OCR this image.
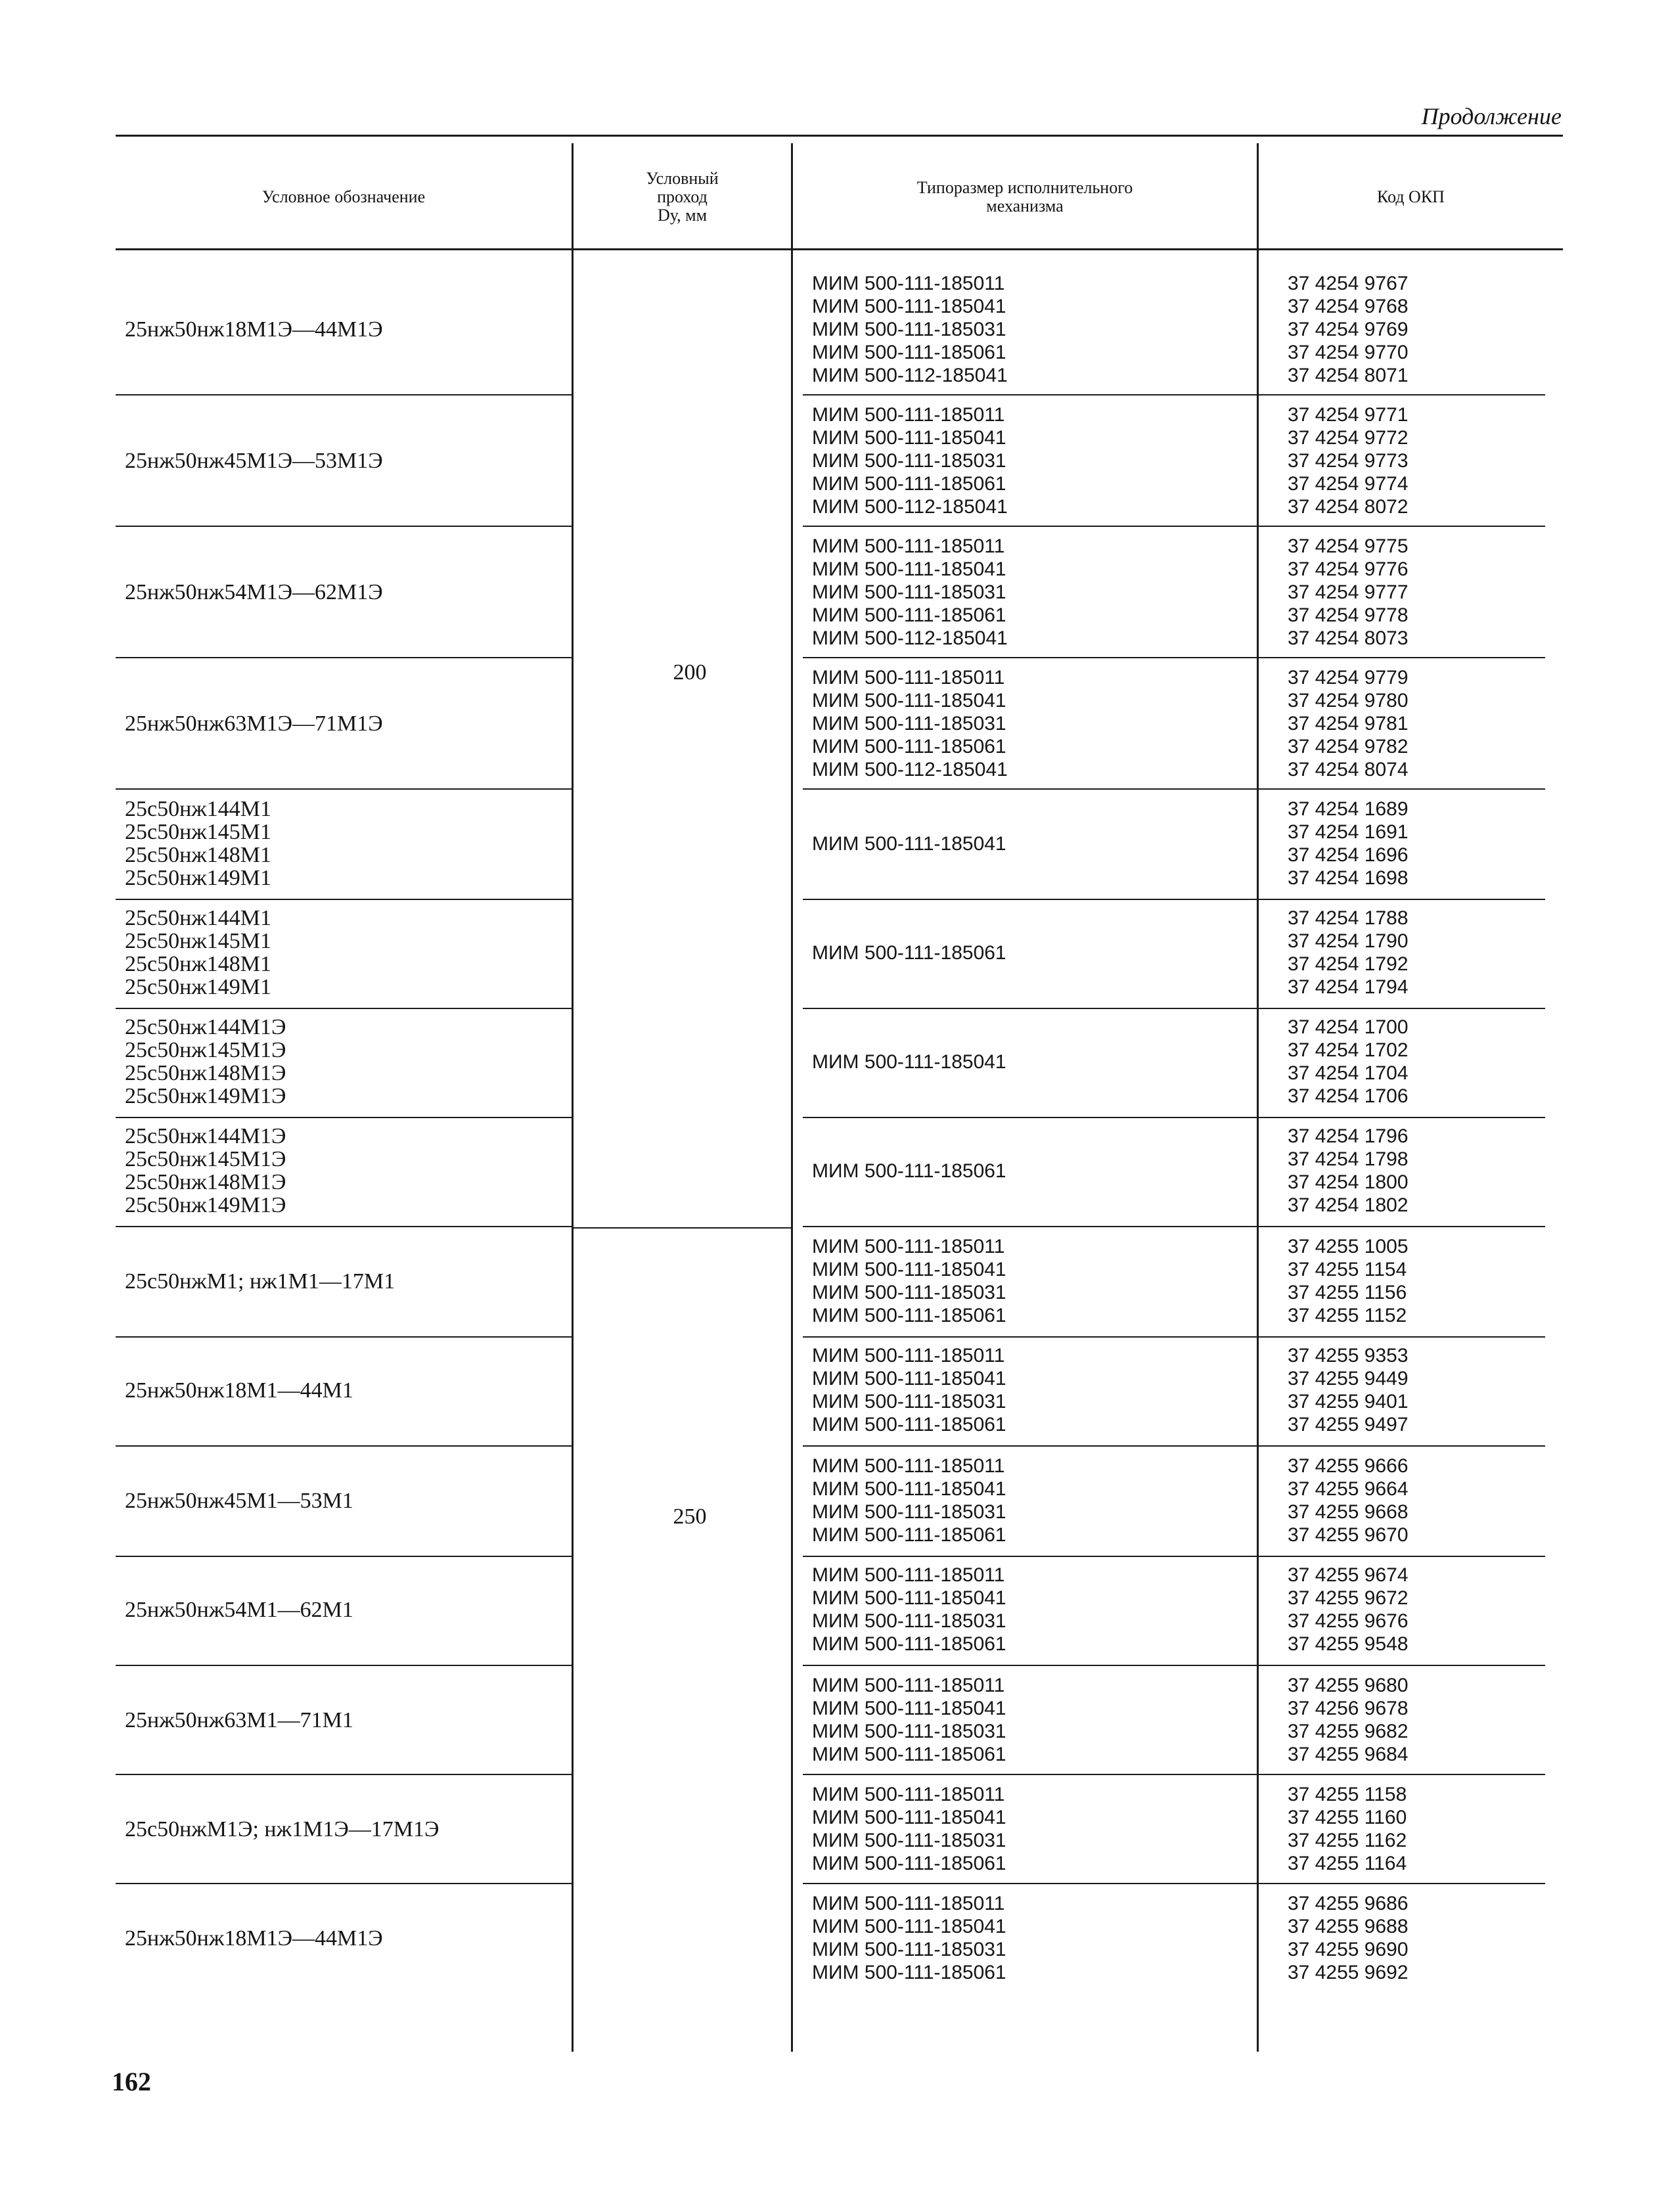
Продолжение
Условное обозначение
Условный
проход
Dу, мм
Типоразмер исполнительного
механизма	Код ОКП
200
250
25нж50нж18М1Э—44М1Э
МИМ 500-111-185011
МИМ 500-111-185041
МИМ 500-111-185031
МИМ 500-111-185061
МИМ 500-112-185041
37 4254 9767
37 4254 9768
37 4254 9769
37 4254 9770
37 4254 8071
25нж50нж45М1Э—53М1Э
МИМ 500-111-185011
МИМ 500-111-185041
МИМ 500-111-185031
МИМ 500-111-185061
МИМ 500-112-185041
37 4254 9771
37 4254 9772
37 4254 9773
37 4254 9774
37 4254 8072
25нж50нж54М1Э—62М1Э
МИМ 500-111-185011
МИМ 500-111-185041
МИМ 500-111-185031
МИМ 500-111-185061
МИМ 500-112-185041
37 4254 9775
37 4254 9776
37 4254 9777
37 4254 9778
37 4254 8073
25нж50нж63М1Э—71М1Э
МИМ 500-111-185011
МИМ 500-111-185041
МИМ 500-111-185031
МИМ 500-111-185061
МИМ 500-112-185041
37 4254 9779
37 4254 9780
37 4254 9781
37 4254 9782
37 4254 8074
25с50нж144М1
25с50нж145М1
25с50нж148М1
25с50нж149М1
МИМ 500-111-185041
37 4254 1689
37 4254 1691
37 4254 1696
37 4254 1698
25с50нж144М1
25с50нж145М1
25с50нж148М1
25с50нж149М1
МИМ 500-111-185061
37 4254 1788
37 4254 1790
37 4254 1792
37 4254 1794
25с50нж144М1Э
25с50нж145М1Э
25с50нж148М1Э
25с50нж149М1Э
МИМ 500-111-185041
37 4254 1700
37 4254 1702
37 4254 1704
37 4254 1706
25с50нж144М1Э
25с50нж145М1Э
25с50нж148М1Э
25с50нж149М1Э
МИМ 500-111-185061
37 4254 1796
37 4254 1798
37 4254 1800
37 4254 1802
25с50нжМ1; нж1М1—17М1
МИМ 500-111-185011
МИМ 500-111-185041
МИМ 500-111-185031
МИМ 500-111-185061
37 4255 1005
37 4255 1154
37 4255 1156
37 4255 1152
25нж50нж18М1—44М1
МИМ 500-111-185011
МИМ 500-111-185041
МИМ 500-111-185031
МИМ 500-111-185061
37 4255 9353
37 4255 9449
37 4255 9401
37 4255 9497
25нж50нж45М1—53М1
МИМ 500-111-185011
МИМ 500-111-185041
МИМ 500-111-185031
МИМ 500-111-185061
37 4255 9666
37 4255 9664
37 4255 9668
37 4255 9670
25нж50нж54М1—62М1
МИМ 500-111-185011
МИМ 500-111-185041
МИМ 500-111-185031
МИМ 500-111-185061
37 4255 9674
37 4255 9672
37 4255 9676
37 4255 9548
25нж50нж63М1—71М1
МИМ 500-111-185011
МИМ 500-111-185041
МИМ 500-111-185031
МИМ 500-111-185061
37 4255 9680
37 4256 9678
37 4255 9682
37 4255 9684
25с50нжМ1Э; нж1М1Э—17М1Э
МИМ 500-111-185011
МИМ 500-111-185041
МИМ 500-111-185031
МИМ 500-111-185061
37 4255 1158
37 4255 1160
37 4255 1162
37 4255 1164
25нж50нж18М1Э—44М1Э
МИМ 500-111-185011
МИМ 500-111-185041
МИМ 500-111-185031
МИМ 500-111-185061
37 4255 9686
37 4255 9688
37 4255 9690
37 4255 9692
162
